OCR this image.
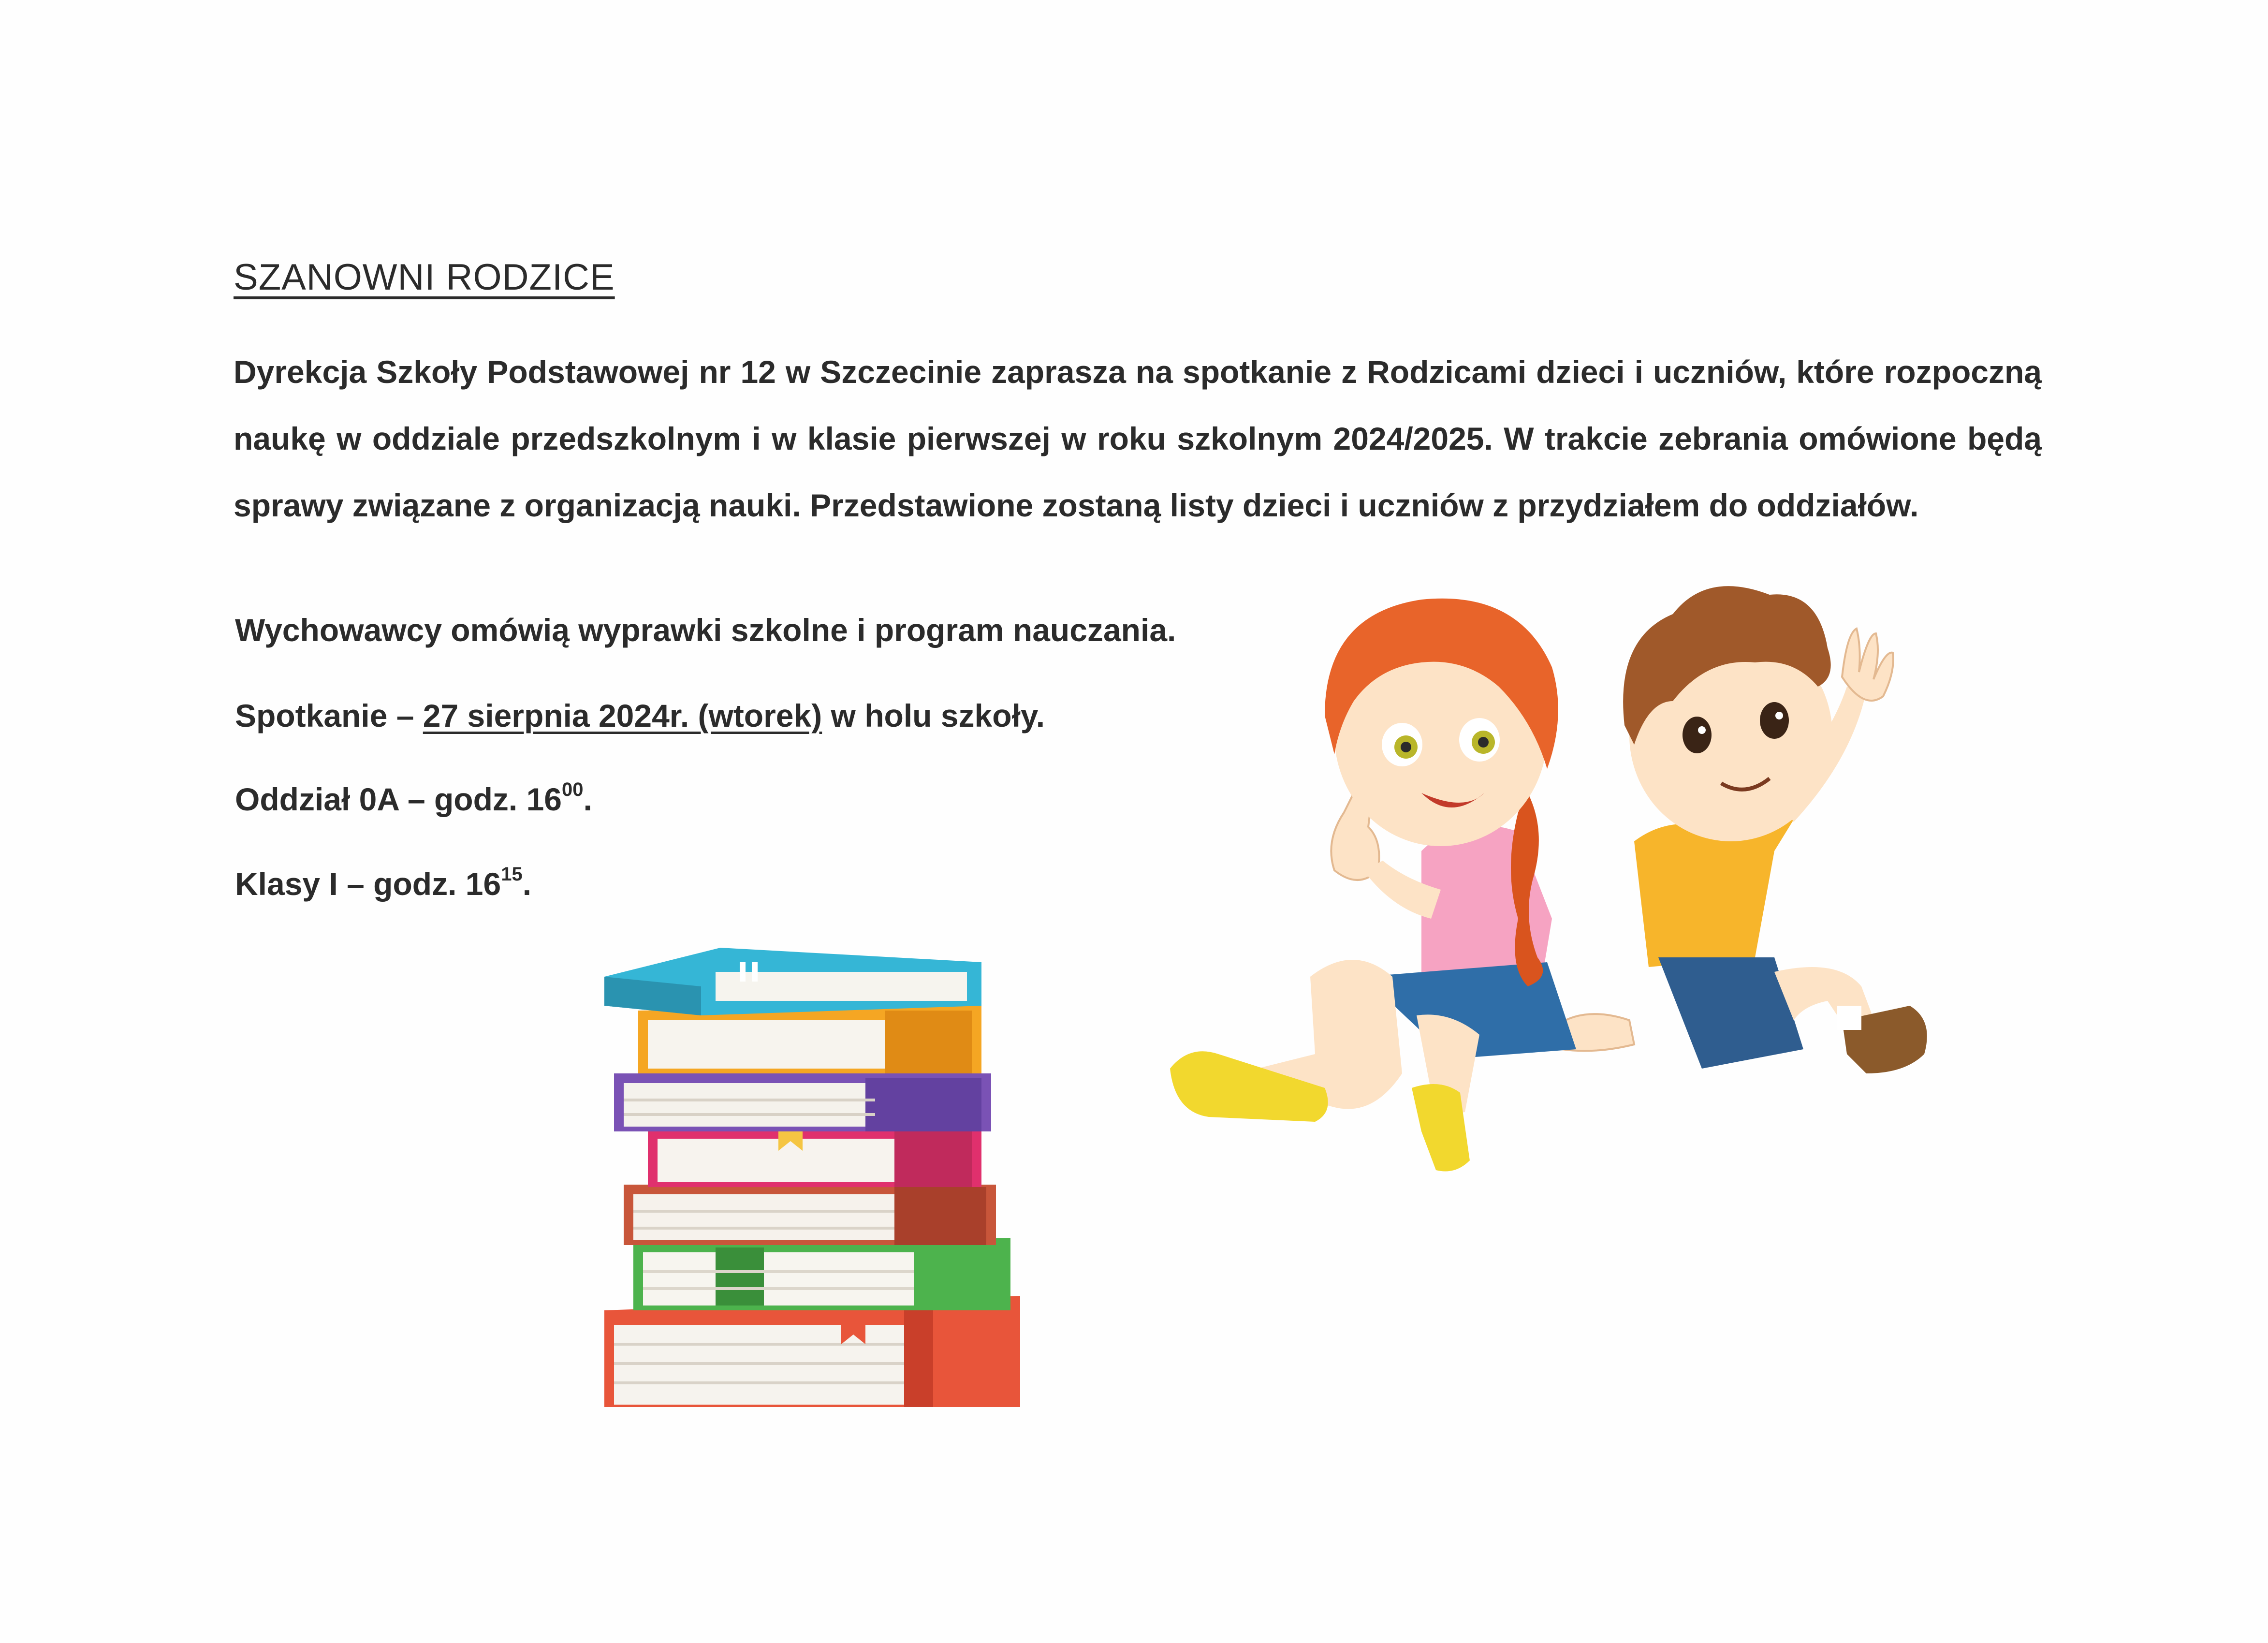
SZANOWNI RODZICE
Dyrekcja Szkoły Podstawowej nr 12 w Szczecinie zaprasza na spotkanie z Rodzicami dzieci i uczniów, które rozpoczną naukę w oddziale przedszkolnym i w klasie pierwszej w roku szkolnym 2024/2025. W trakcie zebrania omówione będą sprawy związane z organizacją nauki. Przedstawione zostaną listy dzieci i uczniów z przydziałem do oddziałów.
Wychowawcy omówią wyprawki szkolne i program nauczania.
Spotkanie – 27 sierpnia 2024r. (wtorek) w holu szkoły.
Oddział 0A – godz. $16^{00}$.
Klasy I – godz. $16^{15}$.
